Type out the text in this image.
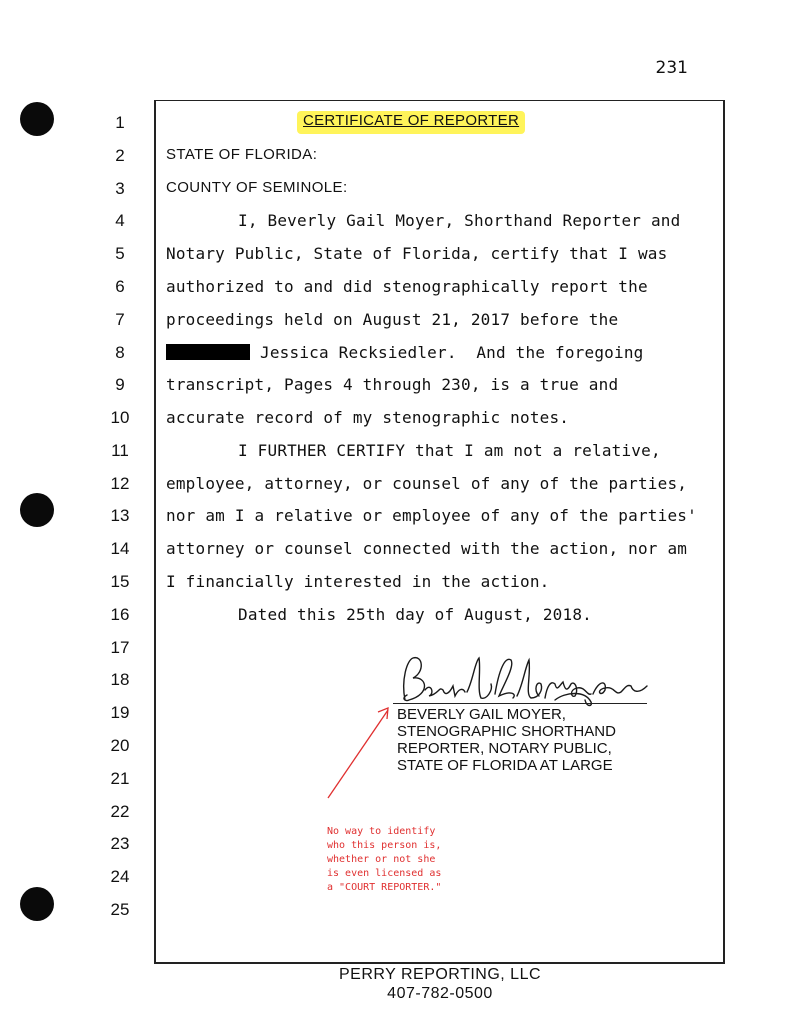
231
1
2
3
4
5
6
7
8
9
10
11
12
13
14
15
16
17
18
19
20
21
22
23
24
25
CERTIFICATE OF REPORTER
STATE OF FLORIDA:
COUNTY OF SEMINOLE:
I, Beverly Gail Moyer, Shorthand Reporter and
Notary Public, State of Florida, certify that I was
authorized to and did stenographically report the
proceedings held on August 21, 2017 before the
Jessica Recksiedler.  And the foregoing
transcript, Pages 4 through 230, is a true and
accurate record of my stenographic notes.
I FURTHER CERTIFY that I am not a relative,
employee, attorney, or counsel of any of the parties,
nor am I a relative or employee of any of the parties'
attorney or counsel connected with the action, nor am
I financially interested in the action.
Dated this 25th day of August, 2018.
BEVERLY GAIL MOYER,
STENOGRAPHIC SHORTHAND
REPORTER, NOTARY PUBLIC,
STATE OF FLORIDA AT LARGE
No way to identify
who this person is,
whether or not she
is even licensed as
a "COURT REPORTER."
PERRY REPORTING, LLC
407-782-0500
